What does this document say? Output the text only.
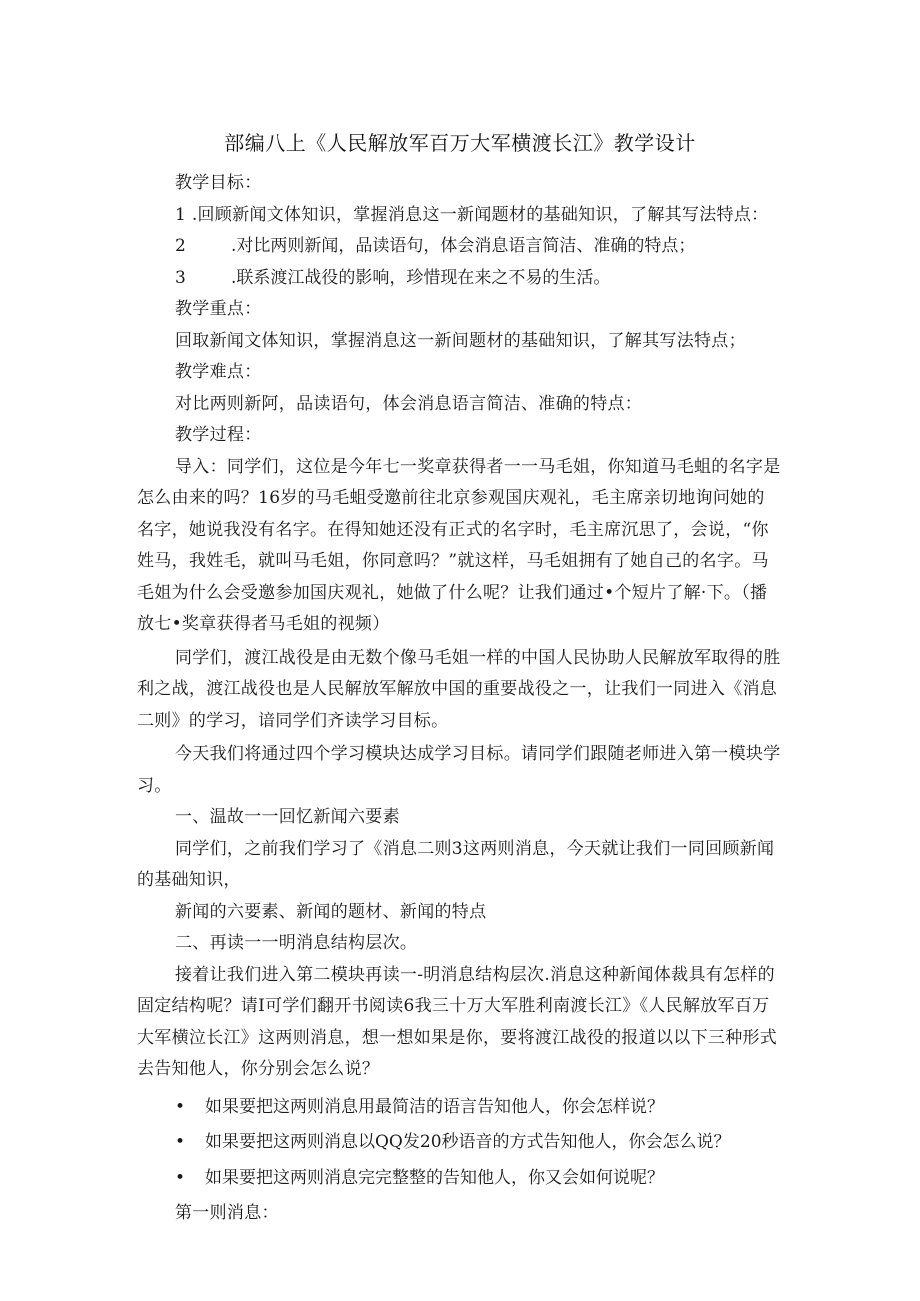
部编八上《人民解放军百万大军横渡长江》教学设计

教学目标：

1 .回顾新闻文体知识，掌握消息这一新闻题材的基础知识，了解其写法特点：
2	.对比两则新闻，品读语句，体会消息语言简洁、准确的特点；
3	.联系渡江战役的影响，珍惜现在来之不易的生活。

教学重点：

回取新闻文体知识，掌握消息这一新间题材的基础知识，了解其写法特点；

教学难点：

对比两则新阿，品读语句，体会消息语言简洁、准确的特点：

教学过程：

导入：同学们，这位是今年七一奖章获得者一一马毛姐，你知道马毛蛆的名字是怎么由来的吗？16岁的马毛蛆受邀前往北京参观国庆观礼，毛主席亲切地询问她的名字，她说我没有名字。在得知她还没有正式的名字时，毛主席沉思了，会说，“你姓马，我姓毛，就叫马毛姐，你同意吗？”就这样，马毛姐拥有了她自己的名字。马毛姐为什么会受邀参加国庆观礼，她做了什么呢？让我们通过•个短片了解·下。（播放七•奖章获得者马毛姐的视频）

同学们，渡江战役是由无数个像马毛姐一样的中国人民协助人民解放军取得的胜利之战，渡江战役也是人民解放军解放中国的重要战役之一，让我们一同进入《消息二则》的学习，谙同学们齐读学习目标。

今天我们将通过四个学习模块达成学习目标。请同学们跟随老师进入第一模块学习。

一、温故一一回忆新闻六要素

同学们，之前我们学习了《消息二则3这两则消息，今天就让我们一同回顾新闻的基础知识，

新闻的六要素、新闻的题材、新闻的特点

二、再读一一明消息结构层次。

接着让我们进入第二模块再读一-明消息结构层次.消息这种新闻体裁具有怎样的固定结构呢？请I可学们翻开书阅读6我三十万大军胜利南渡长江》《人民解放军百万大军横泣长江》这两则消息，想一想如果是你，要将渡江战役的报道以以下三种形式去告知他人，你分别会怎么说？

• 如果要把这两则消息用最简洁的语言告知他人，你会怎样说？
• 如果要把这两则消息以QQ发20秒语音的方式告知他人，你会怎么说？
• 如果要把这两则消息完完整整的告知他人，你又会如何说呢？

第一则消息：
